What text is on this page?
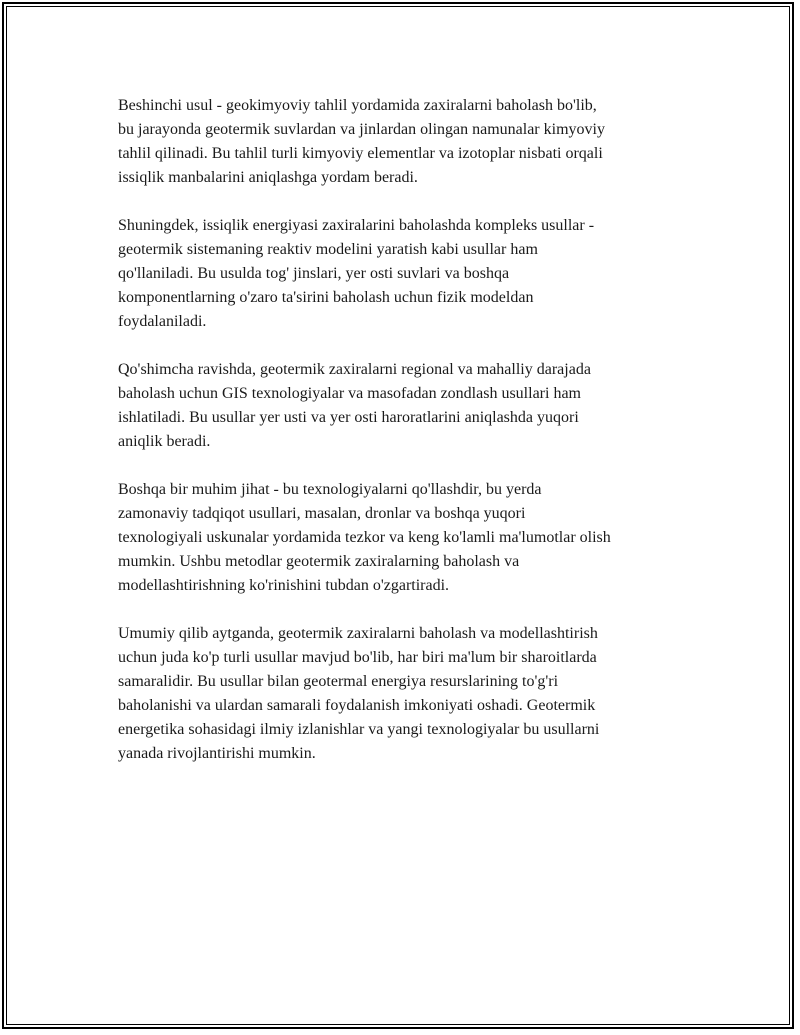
Beshinchi usul - geokimyoviy tahlil yordamida zaxiralarni baholash bo'lib,
bu jarayonda geotermik suvlardan va jinlardan olingan namunalar kimyoviy
tahlil qilinadi. Bu tahlil turli kimyoviy elementlar va izotoplar nisbati orqali
issiqlik manbalarini aniqlashga yordam beradi.

Shuningdek, issiqlik energiyasi zaxiralarini baholashda kompleks usullar -
geotermik sistemaning reaktiv modelini yaratish kabi usullar ham
qo'llaniladi. Bu usulda tog' jinslari, yer osti suvlari va boshqa
komponentlarning o'zaro ta'sirini baholash uchun fizik modeldan
foydalaniladi.

Qo'shimcha ravishda, geotermik zaxiralarni regional va mahalliy darajada
baholash uchun GIS texnologiyalar va masofadan zondlash usullari ham
ishlatiladi. Bu usullar yer usti va yer osti haroratlarini aniqlashda yuqori
aniqlik beradi.

Boshqa bir muhim jihat - bu texnologiyalarni qo'llashdir, bu yerda
zamonaviy tadqiqot usullari, masalan, dronlar va boshqa yuqori
texnologiyali uskunalar yordamida tezkor va keng ko'lamli ma'lumotlar olish
mumkin. Ushbu metodlar geotermik zaxiralarning baholash va
modellashtirishning ko'rinishini tubdan o'zgartiradi.

Umumiy qilib aytganda, geotermik zaxiralarni baholash va modellashtirish
uchun juda ko'p turli usullar mavjud bo'lib, har biri ma'lum bir sharoitlarda
samaralidir. Bu usullar bilan geotermal energiya resurslarining to'g'ri
baholanishi va ulardan samarali foydalanish imkoniyati oshadi. Geotermik
energetika sohasidagi ilmiy izlanishlar va yangi texnologiyalar bu usullarni
yanada rivojlantirishi mumkin.
